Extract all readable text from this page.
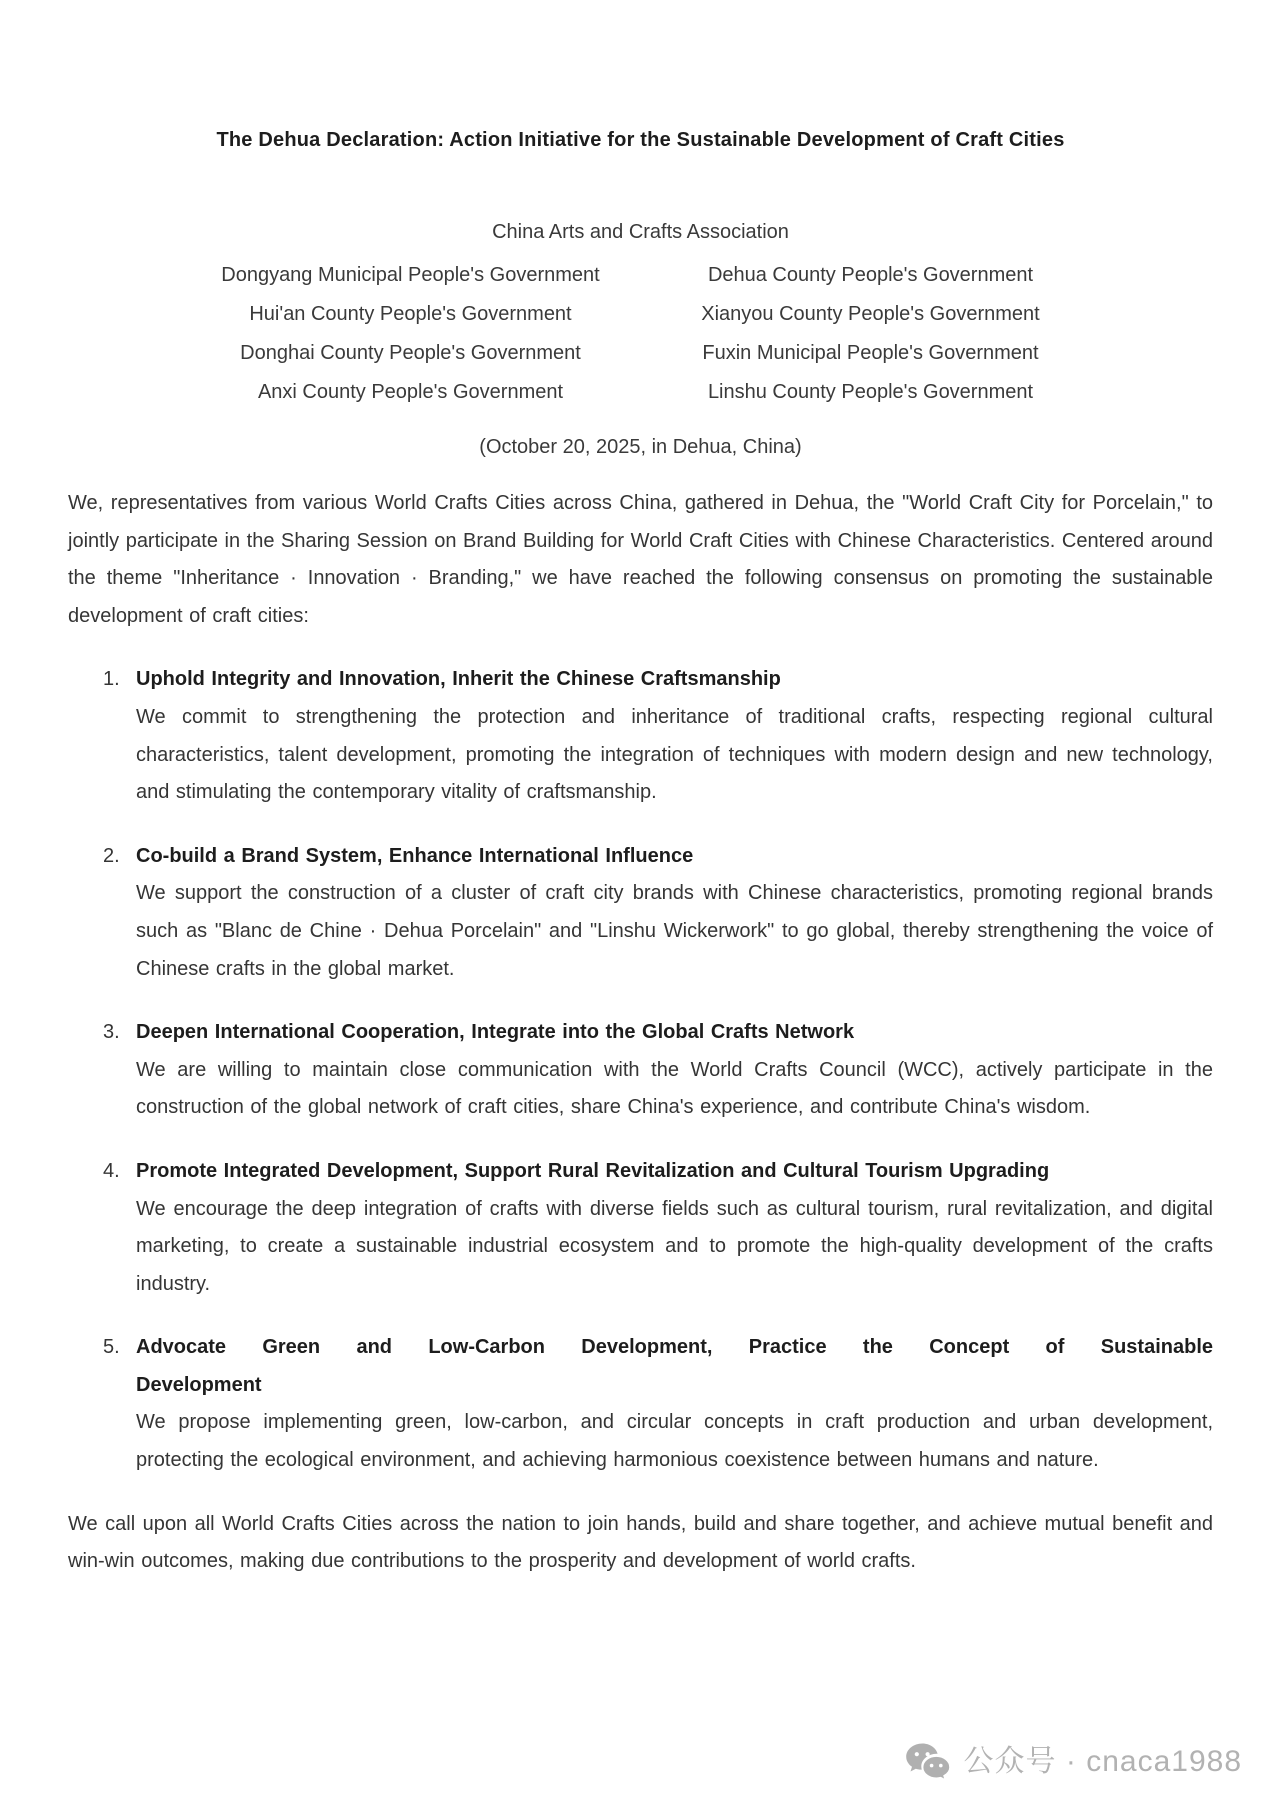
The Dehua Declaration: Action Initiative for the Sustainable Development of Craft Cities
China Arts and Crafts Association
Dongyang Municipal People's Government	Dehua County People's Government
Hui'an County People's Government	Xianyou County People's Government
Donghai County People's Government	Fuxin Municipal People's Government
Anxi County People's Government	Linshu County People's Government
(October 20, 2025, in Dehua, China)

We, representatives from various World Crafts Cities across China, gathered in Dehua, the "World Craft City for Porcelain," to jointly participate in the Sharing Session on Brand Building for World Craft Cities with Chinese Characteristics. Centered around the theme "Inheritance · Innovation · Branding," we have reached the following consensus on promoting the sustainable development of craft cities:

1. Uphold Integrity and Innovation, Inherit the Chinese Craftsmanship
We commit to strengthening the protection and inheritance of traditional crafts, respecting regional cultural characteristics, talent development, promoting the integration of techniques with modern design and new technology, and stimulating the contemporary vitality of craftsmanship.
2. Co-build a Brand System, Enhance International Influence
We support the construction of a cluster of craft city brands with Chinese characteristics, promoting regional brands such as "Blanc de Chine · Dehua Porcelain" and "Linshu Wickerwork" to go global, thereby strengthening the voice of Chinese crafts in the global market.
3. Deepen International Cooperation, Integrate into the Global Crafts Network
We are willing to maintain close communication with the World Crafts Council (WCC), actively participate in the construction of the global network of craft cities, share China's experience, and contribute China's wisdom.
4. Promote Integrated Development, Support Rural Revitalization and Cultural Tourism Upgrading
We encourage the deep integration of crafts with diverse fields such as cultural tourism, rural revitalization, and digital marketing, to create a sustainable industrial ecosystem and to promote the high-quality development of the crafts industry.
5. Advocate Green and Low-Carbon Development, Practice the Concept of Sustainable
Development
We propose implementing green, low-carbon, and circular concepts in craft production and urban development, protecting the ecological environment, and achieving harmonious coexistence between humans and nature.

We call upon all World Crafts Cities across the nation to join hands, build and share together, and achieve mutual benefit and win-win outcomes, making due contributions to the prosperity and development of world crafts.

公众号 · cnaca1988
